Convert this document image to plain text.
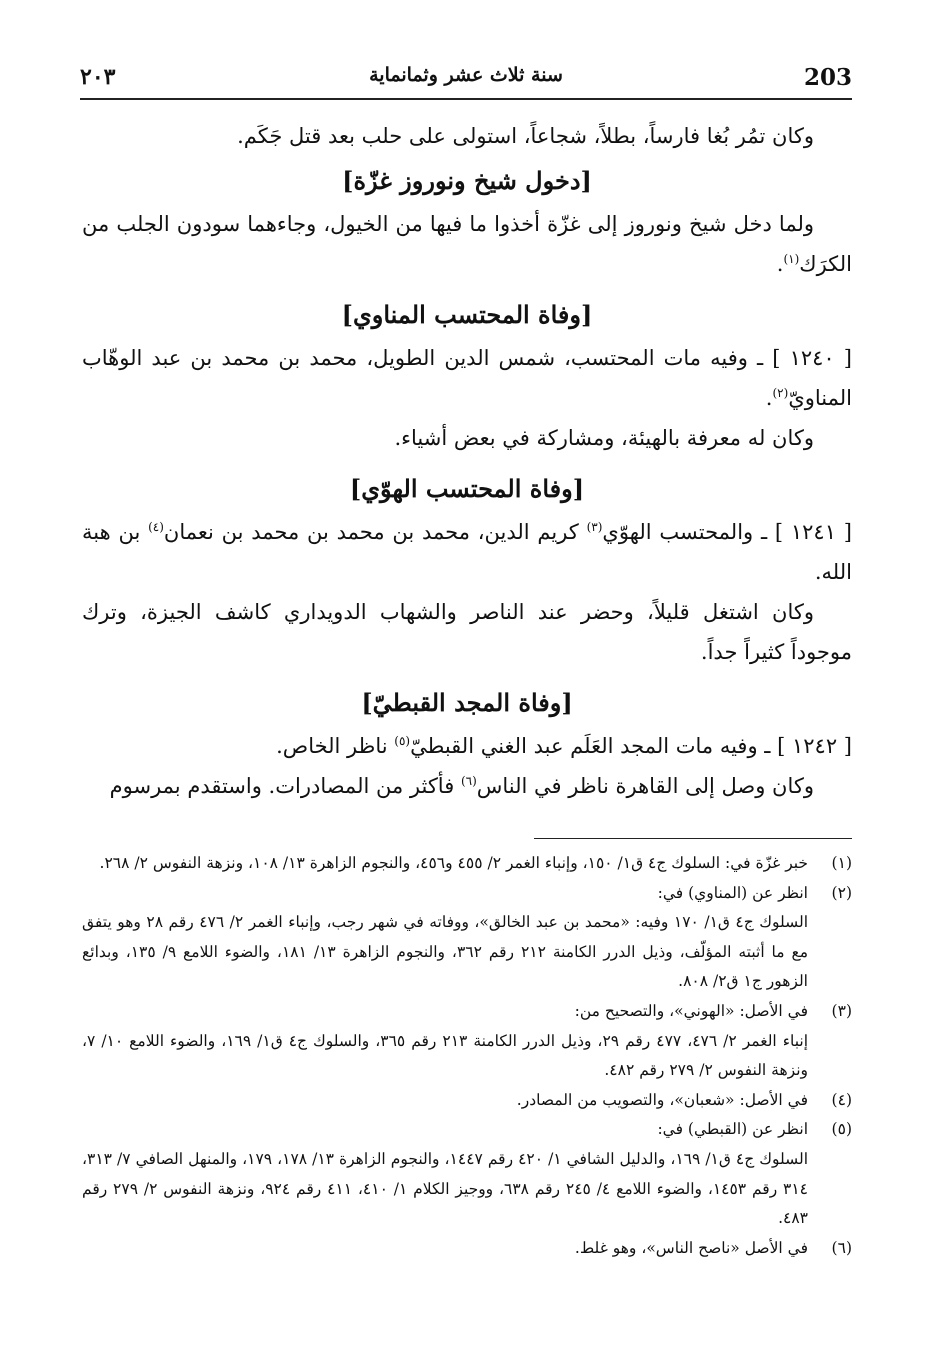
203
سنة ثلاث عشر وثمانماية
٢٠٣

وكان تمُر بُغا فارساً، بطلاً، شجاعاً، استولى على حلب بعد قتل جَكَم.

[دخول شيخ ونوروز غزّة]

ولما دخل شيخ ونوروز إلى غزّة أخذوا ما فيها من الخيول، وجاءهما سودون الجلب من الكرَك$^{(١)}$.

[وفاة المحتسب المناوي]

[ ١٢٤٠ ] ـ وفيه مات المحتسب، شمس الدين الطويل، محمد بن محمد بن عبد الوهّاب المناويّ$^{(٢)}$.

وكان له معرفة بالهيئة، ومشاركة في بعض أشياء.

[وفاة المحتسب الهوّي]

[ ١٢٤١ ] ـ والمحتسب الهوّي$^{(٣)}$ كريم الدين، محمد بن محمد بن محمد بن نعمان$^{(٤)}$ بن هبة الله.

وكان اشتغل قليلاً، وحضر عند الناصر والشهاب الدويداري كاشف الجيزة، وترك موجوداً كثيراً جداً.

[وفاة المجد القبطيّ]

[ ١٢٤٢ ] ـ وفيه مات المجد العَلَم عبد الغني القبطيّ$^{(٥)}$ ناظر الخاص.

وكان وصل إلى القاهرة ناظر في الناس$^{(٦)}$ فأكثر من المصادرات. واستقدم بمرسوم

(١)
خبر غزّة في: السلوك ج٤ ق١/ ١٥٠، وإنباء الغمر ٢/ ٤٥٥ و٤٥٦، والنجوم الزاهرة ١٣/ ١٠٨، ونزهة النفوس ٢/ ٢٦٨.
(٢)
انظر عن (المناوي) في:
السلوك ج٤ ق١/ ١٧٠ وفيه: «محمد بن عبد الخالق»، ووفاته في شهر رجب، وإنباء الغمر ٢/ ٤٧٦ رقم ٢٨ وهو يتفق مع ما أثبته المؤلّف، وذيل الدرر الكامنة ٢١٢ رقم ٣٦٢، والنجوم الزاهرة ١٣/ ١٨١، والضوء اللامع ٩/ ١٣٥، وبدائع الزهور ج١ ق٢/ ٨٠٨.
(٣)
في الأصل: «الهوني»، والتصحيح من:
إنباء الغمر ٢/ ٤٧٦، ٤٧٧ رقم ٢٩، وذيل الدرر الكامنة ٢١٣ رقم ٣٦٥، والسلوك ج٤ ق١/ ١٦٩، والضوء اللامع ١٠/ ٧، ونزهة النفوس ٢/ ٢٧٩ رقم ٤٨٢.
(٤)
في الأصل: «شعبان»، والتصويب من المصادر.
(٥)
انظر عن (القبطي) في:
السلوك ج٤ ق١/ ١٦٩، والدليل الشافي ١/ ٤٢٠ رقم ١٤٤٧، والنجوم الزاهرة ١٣/ ١٧٨، ١٧٩، والمنهل الصافي ٧/ ٣١٣، ٣١٤ رقم ١٤٥٣، والضوء اللامع ٤/ ٢٤٥ رقم ٦٣٨، ووجيز الكلام ١/ ٤١٠، ٤١١ رقم ٩٢٤، ونزهة النفوس ٢/ ٢٧٩ رقم ٤٨٣.
(٦)
في الأصل «ناصح الناس»، وهو غلط.
